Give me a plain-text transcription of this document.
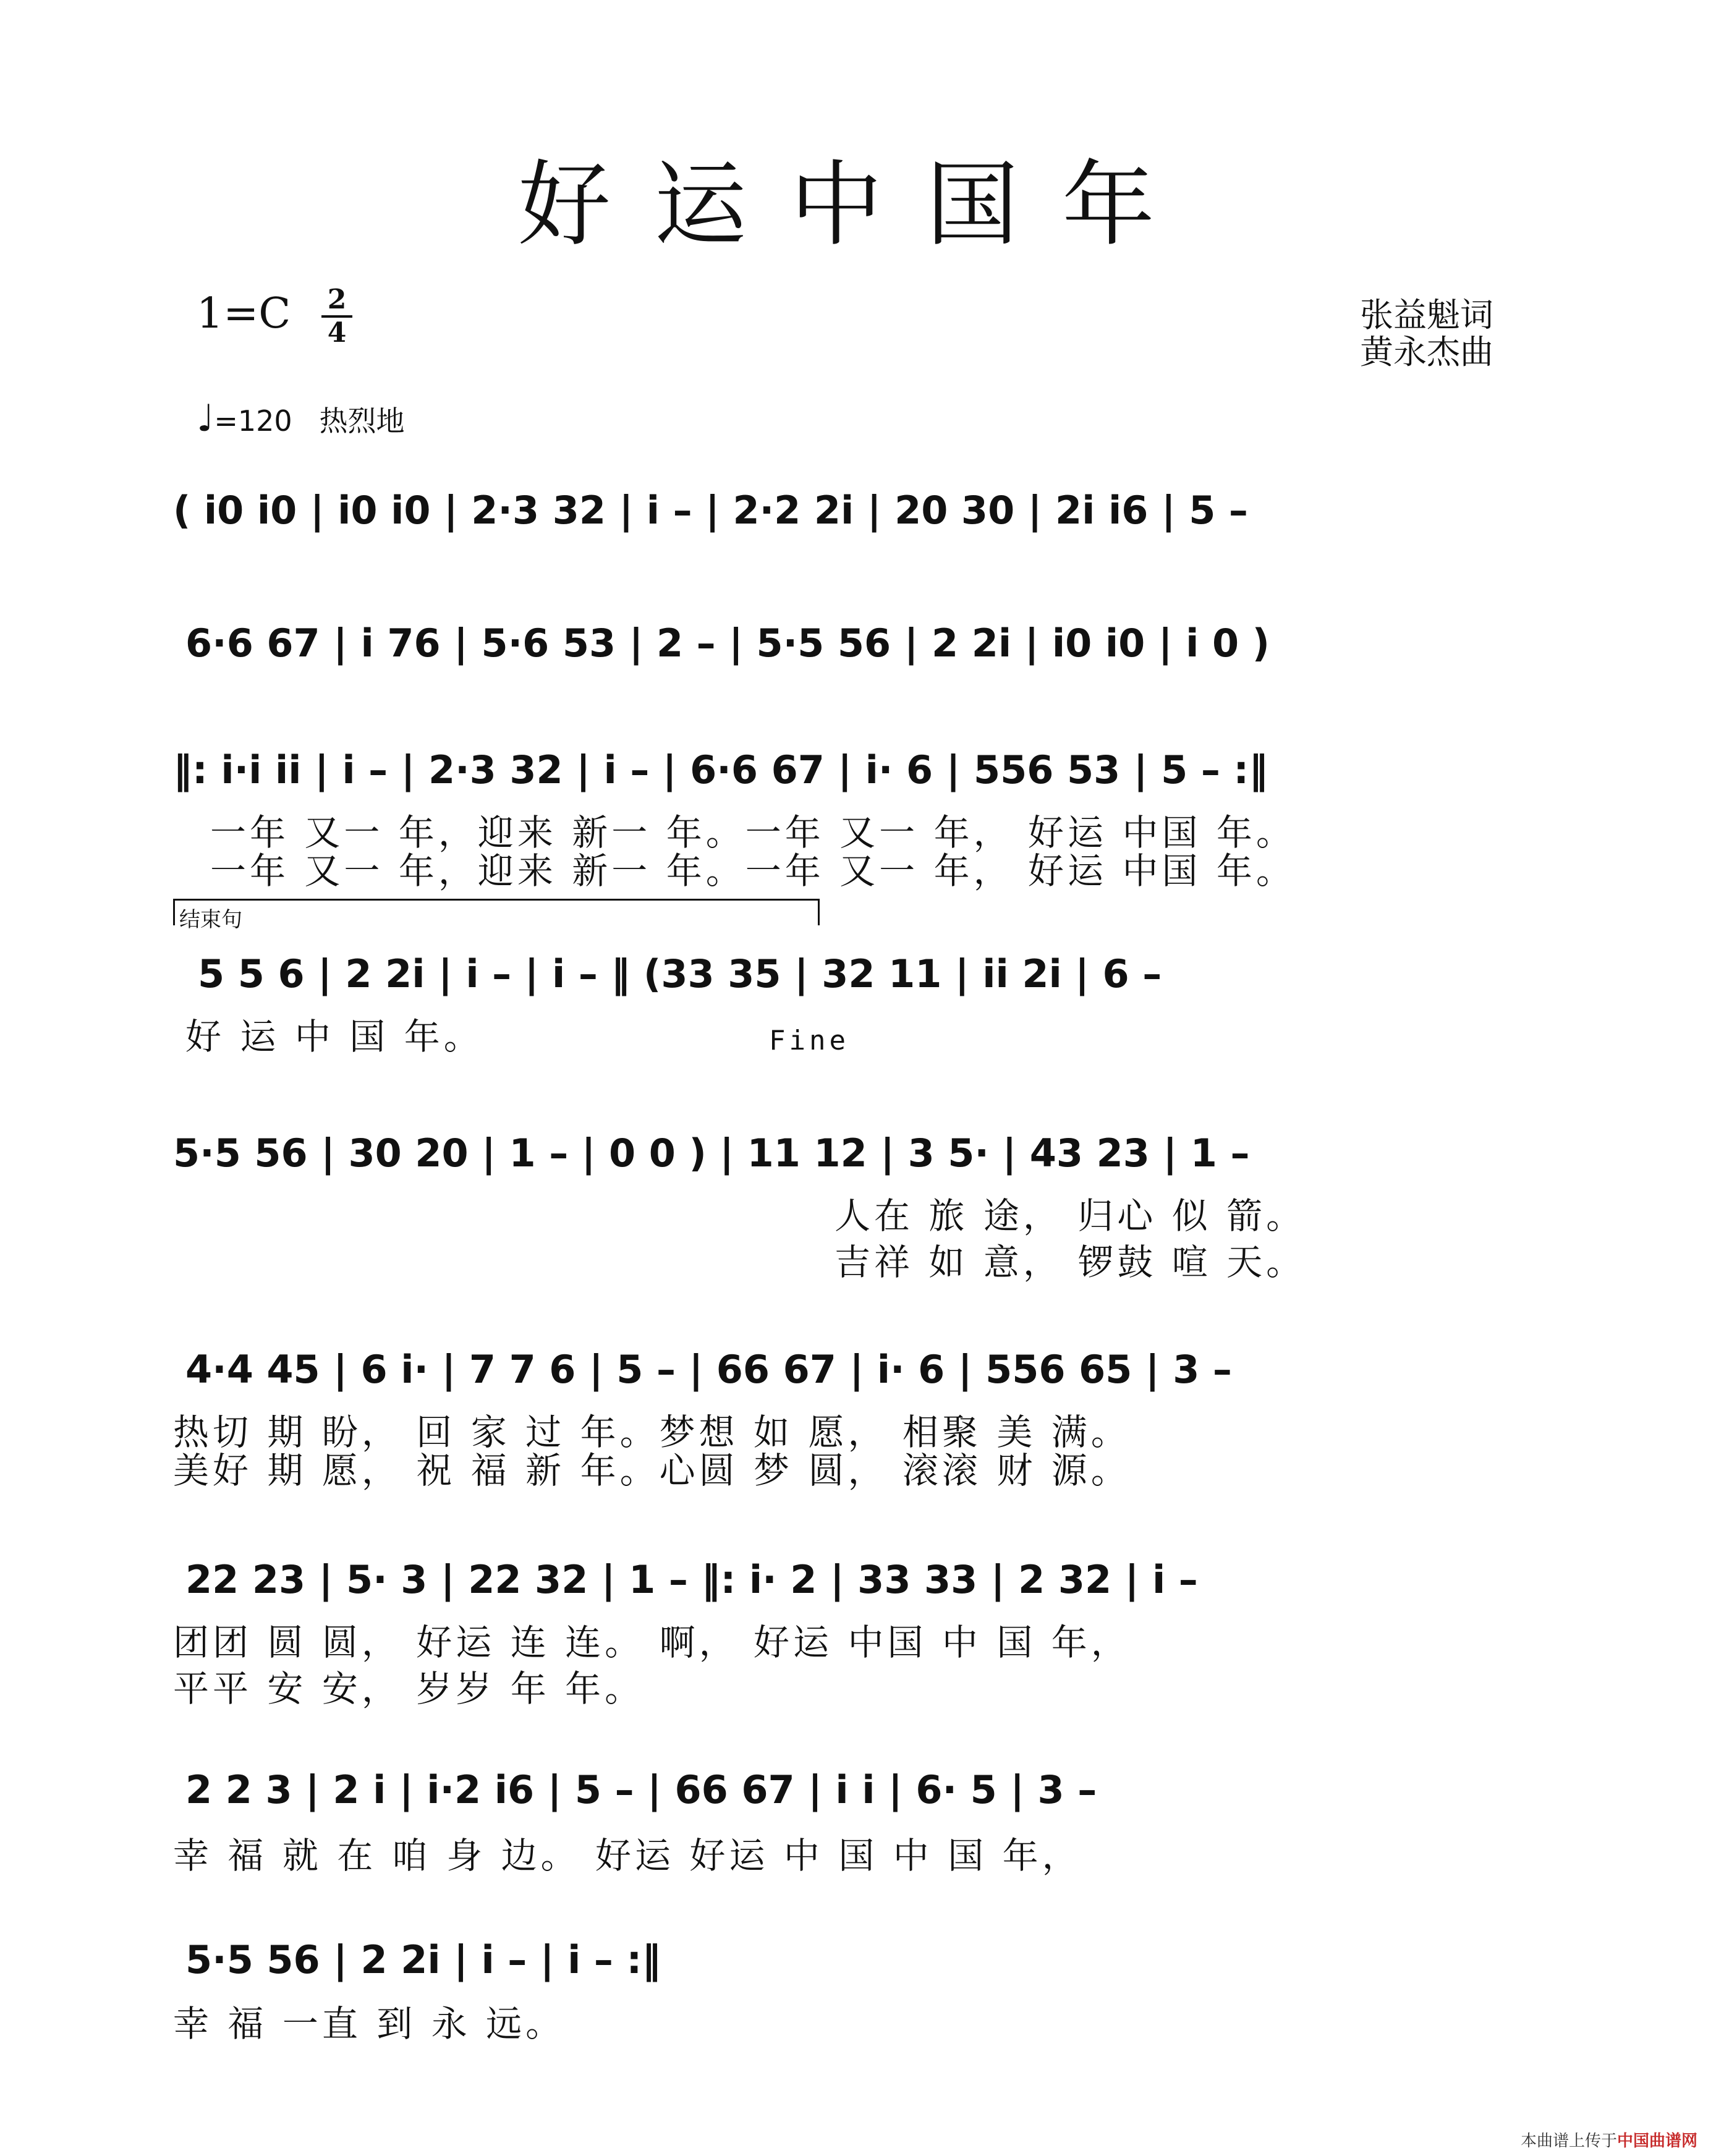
好运中国年
1=C 2
4	张益魁词
黄永杰曲
♩=120 热烈地
( i0 i0 | i0 i0 | 2·3 32 | i – | 2·2 2i | 20 30 | 2i i6 | 5 –
6·6 67 | i 76 | 5·6 53 | 2 – | 5·5 56 | 2 2i | i0 i0 | i 0 )
‖: i·i ii | i – | 2·3 32 | i – | 6·6 67 | i· 6 | 556 53 | 5 – :‖
一年 又一 年，迎来 新一 年。一年 又一 年， 好运 中国 年。
一年 又一 年，迎来 新一 年。一年 又一 年， 好运 中国 年。
结束句
5 5 6 | 2 2i | i – | i – ‖ (33 35 | 32 11 | ii 2i | 6 –
好 运 中 国 年。	Fine
5·5 56 | 30 20 | 1 – | 0 0 ) | 11 12 | 3 5· | 43 23 | 1 –
人在 旅 途， 归心 似 箭。
吉祥 如 意， 锣鼓 喧 天。
4·4 45 | 6 i· | 7 7 6 | 5 – | 66 67 | i· 6 | 556 65 | 3 –
热切 期 盼， 回 家 过 年。梦想 如 愿， 相聚 美 满。
美好 期 愿， 祝 福 新 年。心圆 梦 圆， 滚滚 财 源。
22 23 | 5· 3 | 22 32 | 1 – ‖: i· 2 | 33 33 | 2 32 | i –
团团 圆 圆， 好运 连 连。 啊， 好运 中国 中 国 年，
平平 安 安， 岁岁 年 年。
2 2 3 | 2 i | i·2 i6 | 5 – | 66 67 | i i | 6· 5 | 3 –
幸 福 就 在 咱 身 边。 好运 好运 中 国 中 国 年，
5·5 56 | 2 2i | i – | i – :‖
幸 福 一直 到 永 远。
本曲谱上传于中国曲谱网
